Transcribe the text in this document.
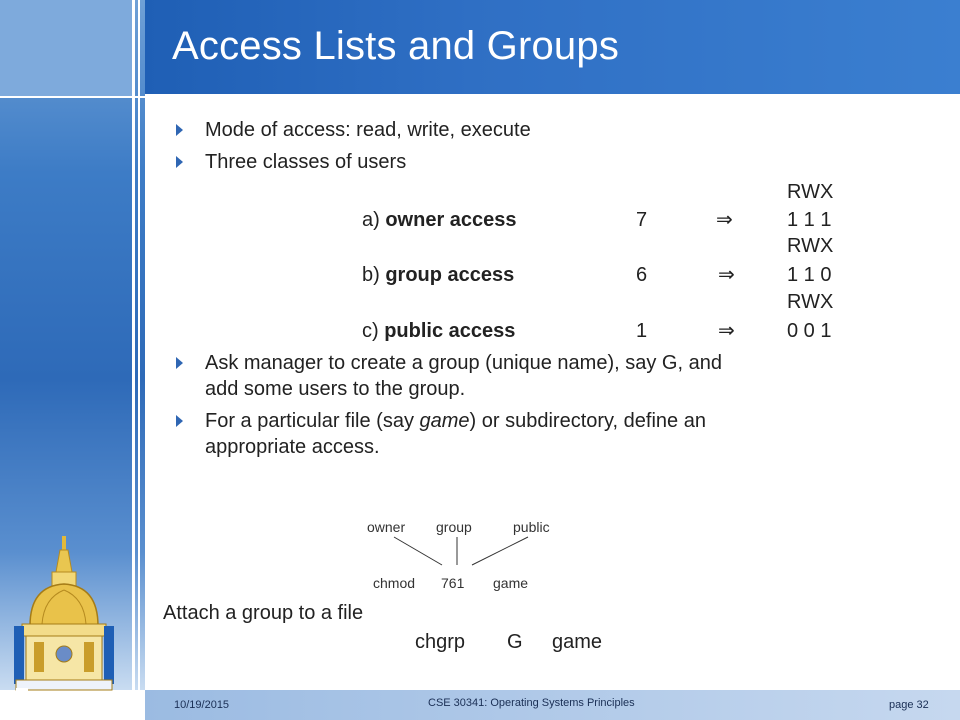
Access Lists and Groups
Mode of access: read, write, execute
Three classes of users
RWX
a) owner access	7	⇒	1 1 1
RWX
b) group access	6	⇒	1 1 0
RWX
c) public access	1	⇒	0 0 1
Ask manager to create a group (unique name), say G, and
add some users to the group.
For a particular file (say game) or subdirectory, define an
appropriate access.
owner group	public
chmod 761 game
Attach a group to a file
chgrp G game
10/19/2015	CSE 30341: Operating Systems Principles	page 32
